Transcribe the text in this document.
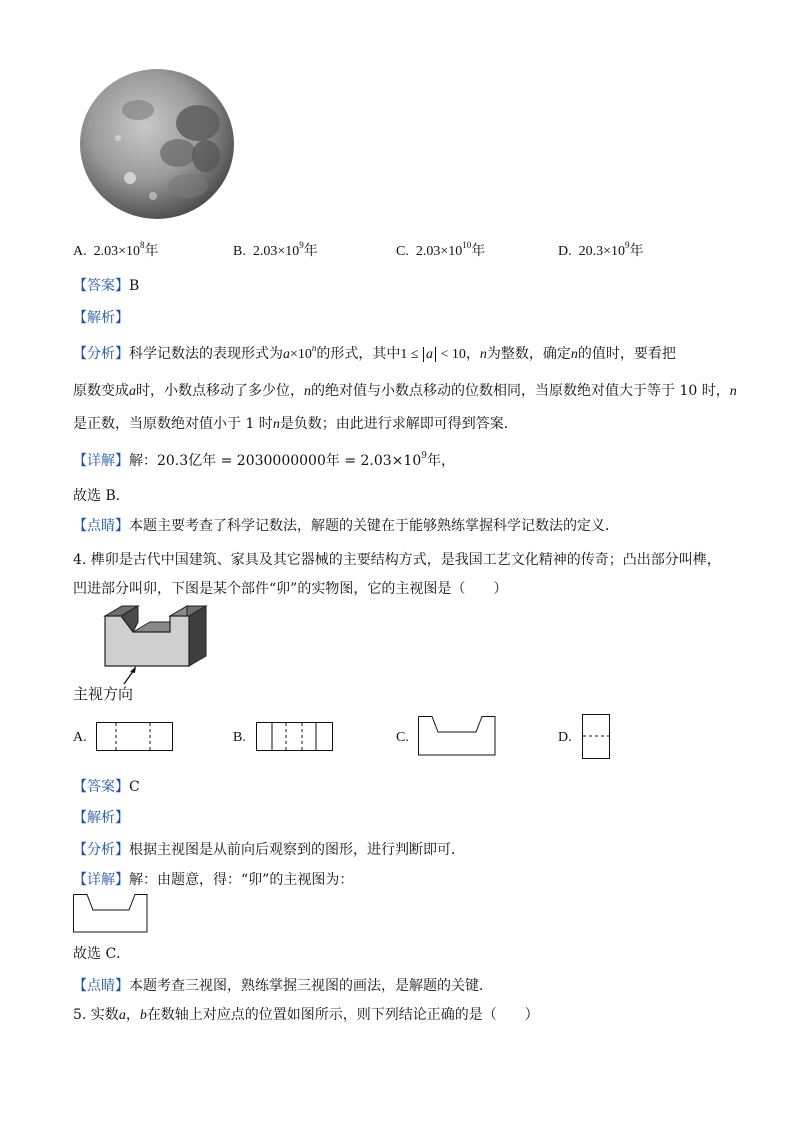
A. $2.03\times 10^8$年	B. $2.03\times 10^9$年	C. $2.03\times 10^{10}$年	D. $20.3\times 10^9$年
【答案】B
【解析】
【分析】科学记数法的表现形式为$a\times 10^n$的形式，其中1 ≤ a < 10，n为整数，确定n的值时，要看把
原数变成a时，小数点移动了多少位，n的绝对值与小数点移动的位数相同，当原数绝对值大于等于 10 时，n
是正数，当原数绝对值小于 1 时n是负数；由此进行求解即可得到答案．
【详解】解：20.3亿年 = 2030000000年 = $2.03\times 10^9$年，
故选 B．
【点睛】本题主要考查了科学记数法，解题的关键在于能够熟练掌握科学记数法的定义．
4. 榫卯是古代中国建筑、家具及其它器械的主要结构方式，是我国工艺文化精神的传奇；凸出部分叫榫，
凹进部分叫卯，下图是某个部件“卯”的实物图，它的主视图是（　　）
主视方向
A.	B.	C.	D.
【答案】C
【解析】
【分析】根据主视图是从前向后观察到的图形，进行判断即可．
【详解】解：由题意，得：“卯”的主视图为：
故选 C．
【点睛】本题考查三视图，熟练掌握三视图的画法，是解题的关键．
5. 实数a，b在数轴上对应点的位置如图所示，则下列结论正确的是（　　）
